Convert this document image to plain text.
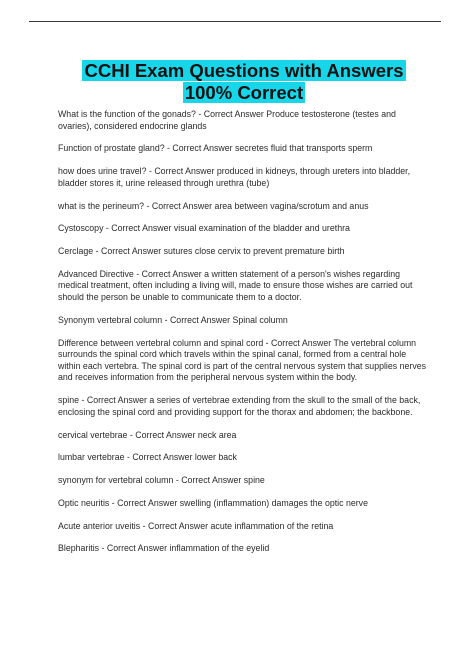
CCHI Exam Questions with Answers 100% Correct
What is the function of the gonads? - Correct Answer Produce testosterone (testes and ovaries), considered endocrine glands
Function of prostate gland? - Correct Answer secretes fluid that transports sperm
how does urine travel? - Correct Answer produced in kidneys, through ureters into bladder, bladder stores it, urine released through urethra (tube)
what is the perineum? - Correct Answer area between vagina/scrotum and anus
Cystoscopy - Correct Answer visual examination of the bladder and urethra
Cerclage - Correct Answer sutures close cervix to prevent premature birth
Advanced Directive - Correct Answer a written statement of a person's wishes regarding medical treatment, often including a living will, made to ensure those wishes are carried out should the person be unable to communicate them to a doctor.
Synonym vertebral column - Correct Answer Spinal column
Difference between vertebral column and spinal cord - Correct Answer The vertebral column surrounds the spinal cord which travels within the spinal canal, formed from a central hole within each vertebra. The spinal cord is part of the central nervous system that supplies nerves and receives information from the peripheral nervous system within the body.
spine - Correct Answer a series of vertebrae extending from the skull to the small of the back, enclosing the spinal cord and providing support for the thorax and abdomen; the backbone.
cervical vertebrae - Correct Answer neck area
lumbar vertebrae - Correct Answer lower back
synonym for vertebral column - Correct Answer spine
Optic neuritis - Correct Answer swelling (inflammation) damages the optic nerve
Acute anterior uveitis - Correct Answer acute inflammation of the retina
Blepharitis - Correct Answer inflammation of the eyelid
